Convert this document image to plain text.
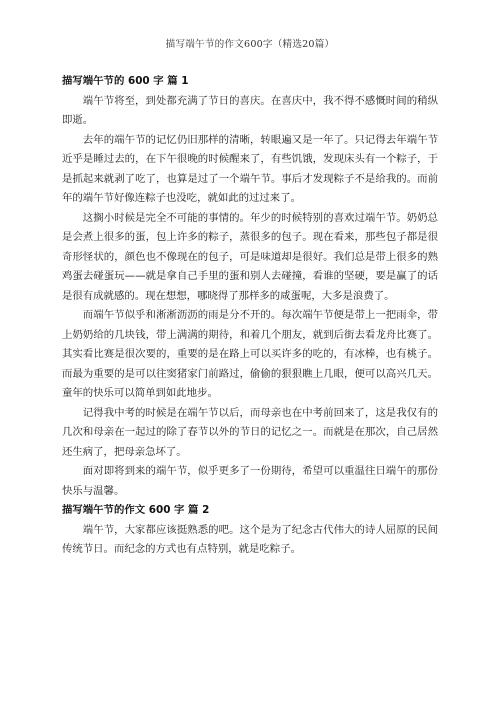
描写端午节的作文600字（精选20篇）

描写端午节的 600 字 篇 1

端午节将至，到处都充满了节日的喜庆。在喜庆中，我不得不感慨时间的稍纵即逝。

去年的端午节的记忆仍旧那样的清晰，转眼遍又是一年了。只记得去年端午节近乎是睡过去的，在下午很晚的时候醒来了，有些饥饿，发现床头有一个粽子，于是抓起来就剥了吃了，也算是过了一个端午节。事后才发现粽子不是给我的。而前年的端午节好像连粽子也没吃，就如此的过过来了。

这搁小时候是完全不可能的事情的。年少的时候特别的喜欢过端午节。奶奶总是会煮上很多的蛋，包上许多的粽子，蒸很多的包子。现在看来，那些包子都是很奇形怪状的，颜色也不像现在的包子，可是味道却是很好。我们总是带上很多的熟鸡蛋去碰蛋玩——就是拿自己手里的蛋和别人去碰撞，看谁的坚硬，要是赢了的话是很有成就感的。现在想想，哪晓得了那样多的咸蛋呢，大多是浪费了。

而端午节似乎和淅淅沥沥的雨是分不开的。每次端午节便是带上一把雨伞，带上奶奶给的几块钱，带上满满的期待，和着几个朋友，就到后街去看龙舟比赛了。其实看比赛是很次要的，重要的是在路上可以买许多的吃的，有冰棒，也有桃子。而最为重要的是可以往窦猪家门前路过，偷偷的狠狠瞧上几眼，便可以高兴几天。童年的快乐可以简单到如此地步。

记得我中考的时候是在端午节以后，而母亲也在中考前回来了，这是我仅有的几次和母亲在一起过的除了春节以外的节日的记忆之一。而就是在那次，自己居然还生病了，把母亲急坏了。

面对即将到来的端午节，似乎更多了一份期待，希望可以重温往日端午的那份快乐与温馨。

描写端午节的作文 600 字 篇 2

端午节，大家都应该挺熟悉的吧。这个是为了纪念古代伟大的诗人屈原的民间传统节日。而纪念的方式也有点特别，就是吃粽子。
